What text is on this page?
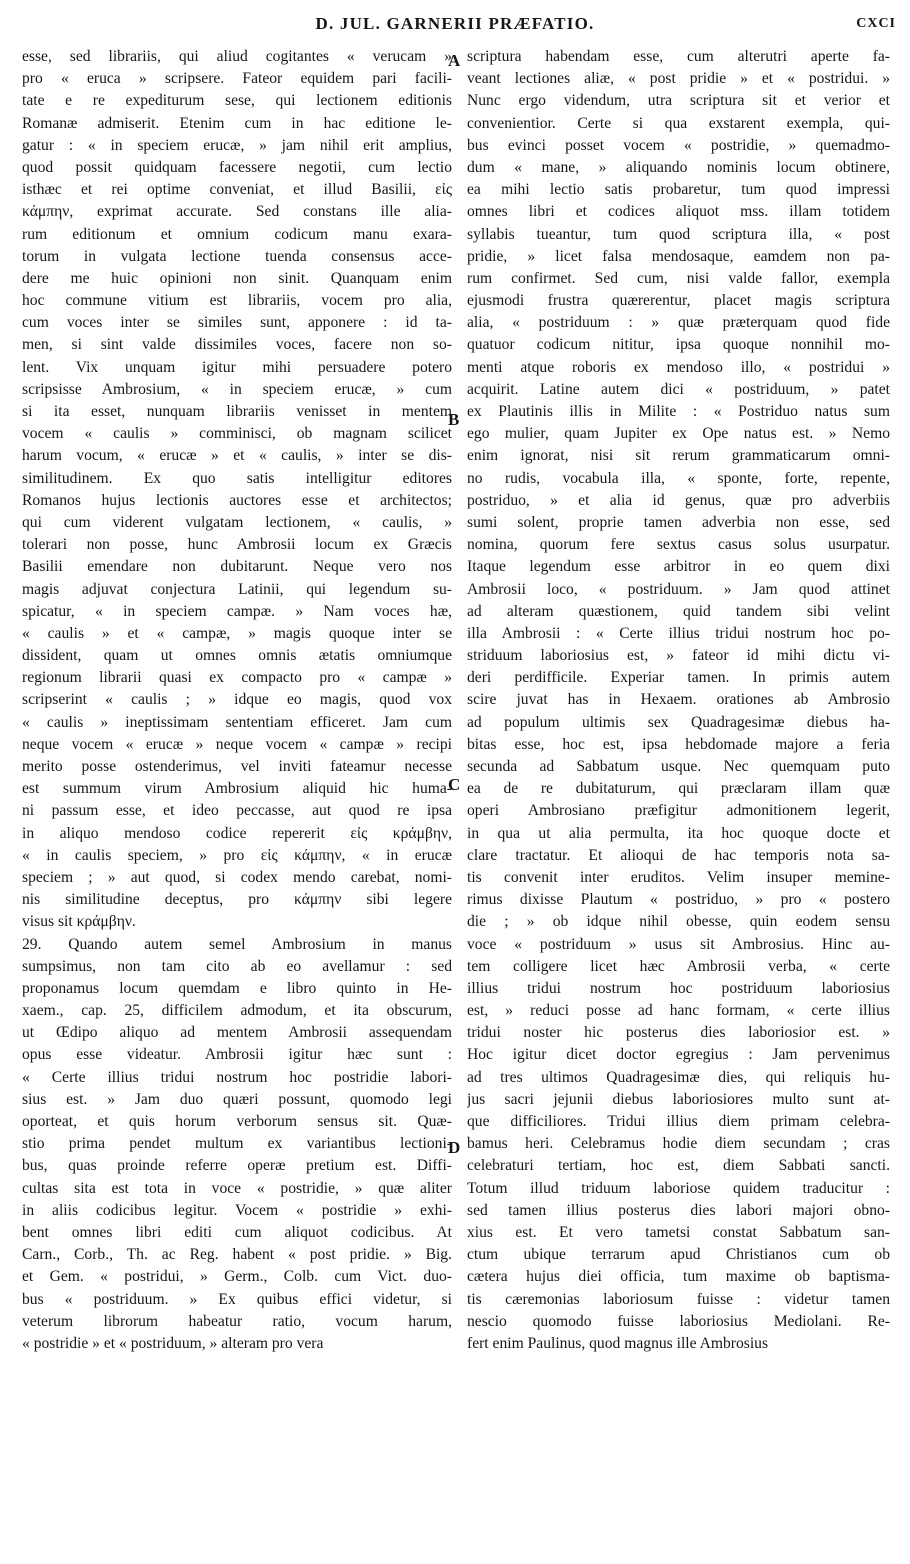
D. JUL. GARNERII PRÆFATIO.	CXCI
esse, sed librariis, qui aliud cogitantes « verucam »
pro « eruca » scripsere. Fateor equidem pari facili-
tate e re expediturum sese, qui lectionem editionis
Romanæ admiserit. Etenim cum in hac editione le-
gatur : « in speciem erucæ, » jam nihil erit amplius,
quod possit quidquam facessere negotii, cum lectio
isthæc et rei optime conveniat, et illud Basilii, εἰς
κάμπην, exprimat accurate. Sed constans ille alia-
rum editionum et omnium codicum manu exara-
torum in vulgata lectione tuenda consensus acce-
dere me huic opinioni non sinit. Quanquam enim
hoc commune vitium est librariis, vocem pro alia,
cum voces inter se similes sunt, apponere : id ta-
men, si sint valde dissimiles voces, facere non so-
lent. Vix unquam igitur mihi persuadere potero
scripsisse Ambrosium, « in speciem erucæ, » cum
si ita esset, nunquam librariis venisset in mentem
vocem « caulis » comminisci, ob magnam scilicet
harum vocum, « erucæ » et « caulis, » inter se dis-
similitudinem. Ex quo satis intelligitur editores
Romanos hujus lectionis auctores esse et architectos;
qui cum viderent vulgatam lectionem, « caulis, »
tolerari non posse, hunc Ambrosii locum ex Græcis
Basilii emendare non dubitarunt. Neque vero nos
magis adjuvat conjectura Latinii, qui legendum su-
spicatur, « in speciem campæ. » Nam voces hæ,
« caulis » et « campæ, » magis quoque inter se
dissident, quam ut omnes omnis ætatis omniumque
regionum librarii quasi ex compacto pro « campæ »
scripserint « caulis ; » idque eo magis, quod vox
« caulis » ineptissimam sententiam efficeret. Jam cum
neque vocem « erucæ » neque vocem « campæ » recipi
merito posse ostenderimus, vel inviti fateamur necesse
est summum virum Ambrosium aliquid hic huma-
ni passum esse, et ideo peccasse, aut quod re ipsa
in aliquo mendoso codice repererit εἰς κράμβην,
« in caulis speciem, » pro εἰς κάμπην, « in erucæ
speciem ; » aut quod, si codex mendo carebat, nomi-
nis similitudine deceptus, pro κάμπην sibi legere
visus sit κράμβην.
29. Quando autem semel Ambrosium in manus
sumpsimus, non tam cito ab eo avellamur : sed
proponamus locum quemdam e libro quinto in He-
xaem., cap. 25, difficilem admodum, et ita obscurum,
ut Œdipo aliquo ad mentem Ambrosii assequendam
opus esse videatur. Ambrosii igitur hæc sunt :
« Certe illius tridui nostrum hoc postridie labori-
sius est. » Jam duo quæri possunt, quomodo legi
oporteat, et quis horum verborum sensus sit. Quæ-
stio prima pendet multum ex variantibus lectioni-
bus, quas proinde referre operæ pretium est. Diffi-
cultas sita est tota in voce « postridie, » quæ aliter
in aliis codicibus legitur. Vocem « postridie » exhi-
bent omnes libri editi cum aliquot codicibus. At
Carn., Corb., Th. ac Reg. habent « post pridie. » Big.
et Gem. « postridui, » Germ., Colb. cum Vict. duo-
bus « postriduum. » Ex quibus effici videtur, si
veterum librorum habeatur ratio, vocum harum,
« postridie » et « postriduum, » alteram pro vera
scriptura habendam esse, cum alterutri aperte fa-
veant lectiones aliæ, « post pridie » et « postridui. »
Nunc ergo videndum, utra scriptura sit et verior et
convenientior. Certe si qua exstarent exempla, qui-
bus evinci posset vocem « postridie, » quemadmo-
dum « mane, » aliquando nominis locum obtinere,
ea mihi lectio satis probaretur, tum quod impressi
omnes libri et codices aliquot mss. illam totidem
syllabis tueantur, tum quod scriptura illa, « post
pridie, » licet falsa mendosaque, eamdem non pa-
rum confirmet. Sed cum, nisi valde fallor, exempla
ejusmodi frustra quærerentur, placet magis scriptura
alia, « postriduum : » quæ præterquam quod fide
quatuor codicum nititur, ipsa quoque nonnihil mo-
menti atque roboris ex mendoso illo, « postridui »
acquirit. Latine autem dici « postriduum, » patet
ex Plautinis illis in Milite : « Postriduo natus sum
ego mulier, quam Jupiter ex Ope natus est. » Nemo
enim ignorat, nisi sit rerum grammaticarum omni-
no rudis, vocabula illa, « sponte, forte, repente,
postriduo, » et alia id genus, quæ pro adverbiis
sumi solent, proprie tamen adverbia non esse, sed
nomina, quorum fere sextus casus solus usurpatur.
Itaque legendum esse arbitror in eo quem dixi
Ambrosii loco, « postriduum. » Jam quod attinet
ad alteram quæstionem, quid tandem sibi velint
illa Ambrosii : « Certe illius tridui nostrum hoc po-
striduum laboriosius est, » fateor id mihi dictu vi-
deri perdifficile. Experiar tamen. In primis autem
scire juvat has in Hexaem. orationes ab Ambrosio
ad populum ultimis sex Quadragesimæ diebus ha-
bitas esse, hoc est, ipsa hebdomade majore a feria
secunda ad Sabbatum usque. Nec quemquam puto
ea de re dubitaturum, qui præclaram illam quæ
operi Ambrosiano præfigitur admonitionem legerit,
in qua ut alia permulta, ita hoc quoque docte et
clare tractatur. Et alioqui de hac temporis nota sa-
tis convenit inter eruditos. Velim insuper meminе-
rimus dixisse Plautum « postriduo, » pro « postero
die ; » ob idque nihil obesse, quin eodem sensu
voce « postriduum » usus sit Ambrosius. Hinc au-
tem colligere licet hæc Ambrosii verba, « certe
illius tridui nostrum hoc postriduum laboriosius
est, » reduci posse ad hanc formam, « certe illius
tridui noster hic posterus dies laboriosior est. »
Hoc igitur dicet doctor egregius : Jam pervenimus
ad tres ultimos Quadragesimæ dies, qui reliquis hu-
jus sacri jejunii diebus laboriosiores multo sunt at-
que difficiliores. Tridui illius diem primam celebra-
bamus heri. Celebramus hodie diem secundam ; cras
celebraturi tertiam, hoc est, diem Sabbati sancti.
Totum illud triduum laboriose quidem traducitur :
sed tamen illius posterus dies labori majori obno-
xius est. Et vero tametsi constat Sabbatum san-
ctum ubique terrarum apud Christianos cum ob
cætera hujus diei officia, tum maxime ob baptisma-
tis cæremonias laboriosum fuisse : videtur tamen
nescio quomodo fuisse laboriosius Mediolani. Re-
fert enim Paulinus, quod magnus ille Ambrosius
A
B
C
D
